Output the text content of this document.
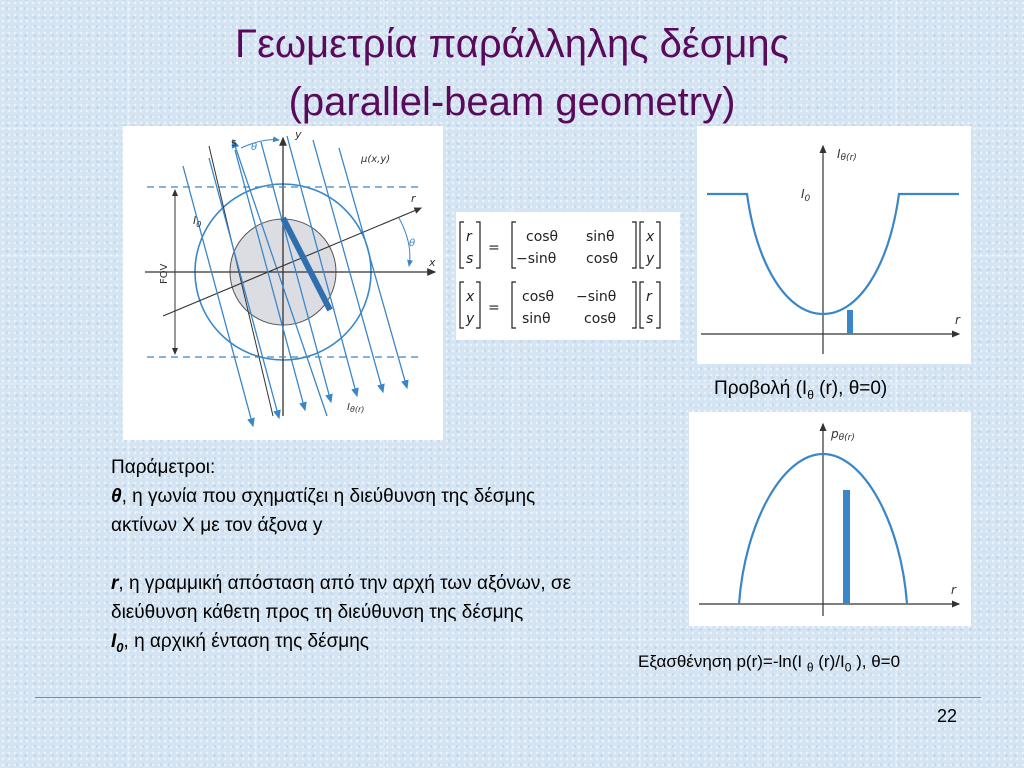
Γεωμετρία παράλληλης δέσμης
(parallel-beam geometry)
y
s θ
μ(x,y)
r
θ
x
$I_0$
FOV
$I_{\theta(r)}$
r
s
=
cosθ sinθ
−sinθ cosθ
x
y
x
y
=
cosθ −sinθ
sinθ cosθ
r
s
Iθ(r)
$I_0$
r
Προβολή ($I_\theta$ (r), θ=0)
pθ(r)
r
Εξασθένηση p(r)=-ln(I $_\theta$ $(r)/I_0$ ), θ=0

Παράμετροι:

θ, η γωνία που σχηματίζει η διεύθυνση της δέσμης ακτίνων X με τον άξονα y

r, η γραμμική απόσταση από την αρχή των αξόνων, σε διεύθυνση κάθετη προς τη διεύθυνση της δέσμης

$I_0$, η αρχική ένταση της δέσμης

22
